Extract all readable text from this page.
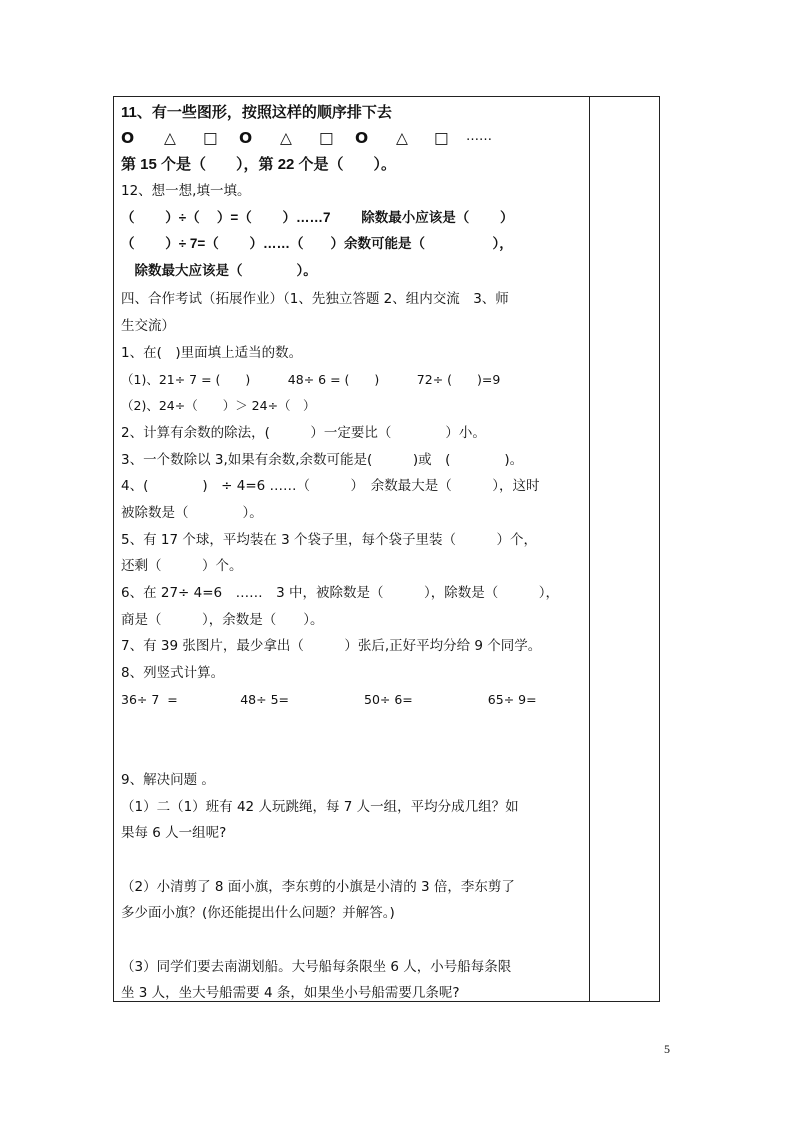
11、有一些图形，按照这样的顺序排下去
O △ □ O △ □ O △ □ ……
第 15 个是（　　），第 22 个是（　　）。
12、想一想,填一填。
（　　 ）÷（　 ）=（　　 ）……7　　 除数最小应该是（　　 ）
（　　 ）÷ 7=（　　 ）……（　　）余数可能是（　　　　　），
　除数最大应该是（　　　　）。
四、合作考试（拓展作业）（1、先独立答题 2、组内交流　3、师
生交流）
1、在(　)里面填上适当的数。
（1)、21÷ 7 = (　　)　　　48÷ 6 = (　　)　　　72÷ (　　)=9
（2)、24÷（　　）＞ 24÷（　）
2、计算有余数的除法，(　　　）一定要比（　　　　）小。
3、一个数除以 3,如果有余数,余数可能是(　　　)或　(　　　　)。
4、(　　　　)　÷ 4=6 ……（　　　）　余数最大是（　　　），这时
被除数是（　　　　）。
5、有 17 个球，平均装在 3 个袋子里，每个袋子里装（　　　）个，
还剩（　　　）个。
6、在 27÷ 4=6　……　3 中，被除数是（　　　），除数是（　　　），
商是（　　　），余数是（　　）。
7、有 39 张图片，最少拿出（　　　）张后,正好平均分给 9 个同学。
8、列竖式计算。
36÷ 7  =　　　　　48÷ 5=　　　　　　50÷ 6=　　　　　　65÷ 9=
9、解决问题 。
（1）二（1）班有 42 人玩跳绳，每 7 人一组，平均分成几组？如
果每 6 人一组呢?
（2）小清剪了 8 面小旗，李东剪的小旗是小清的 3 倍，李东剪了
多少面小旗？(你还能提出什么问题？并解答。)
（3）同学们要去南湖划船。大号船每条限坐 6 人，小号船每条限
坐 3 人，坐大号船需要 4 条，如果坐小号船需要几条呢?
5
